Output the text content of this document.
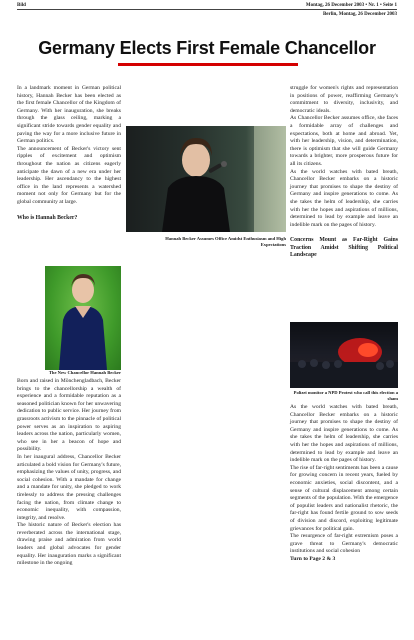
Bild	Montag, 26 December 2003 • Nr. 1 • Seite 1
Berlin, Montag, 26 December 2003
Germany Elects First Female Chancellor

In a landmark moment in German political history, Hannah Becker has been elected as the first female Chancellor of the Kingdom of Germany. With her inauguration, she breaks through the glass ceiling, marking a significant stride towards gender equality and paving the way for a more inclusive future in German politics.

The announcement of Becker's victory sent ripples of excitement and optimism throughout the nation as citizens eagerly anticipate the dawn of a new era under her leadership. Her ascendancy to the highest office in the land represents a watershed moment not only for Germany but for the global community at large.

Who is Hannah Becker?

The New Chancellor Hannah Becker

Born and raised in Mönchengladbach, Becker brings to the chancellorship a wealth of experience and a formidable reputation as a seasoned politician known for her unwavering dedication to public service. Her journey from grassroots activism to the pinnacle of political power serves as an inspiration to aspiring leaders across the nation, particularly women, who see in her a beacon of hope and possibility.

In her inaugural address, Chancellor Becker articulated a bold vision for Germany's future, emphasizing the values of unity, progress, and social cohesion. With a mandate for change and a mandate for unity, she pledged to work tirelessly to address the pressing challenges facing the nation, from climate change to economic inequality, with compassion, integrity, and resolve.

The historic nature of Becker's election has reverberated across the international stage, drawing praise and admiration from world leaders and global advocates for gender equality. Her inauguration marks a significant milestone in the ongoing

Hannah Becker Assumes Office Amidst Enthusiasm and High Expectations

struggle for women's rights and representation in positions of power, reaffirming Germany's commitment to diversity, inclusivity, and democratic ideals.

As Chancellor Becker assumes office, she faces a formidable array of challenges and expectations, both at home and abroad. Yet, with her leadership, vision, and determination, there is optimism that she will guide Germany towards a brighter, more prosperous future for all its citizens.

As the world watches with bated breath, Chancellor Becker embarks on a historic journey that promises to shape the destiny of Germany and inspire generations to come. As she takes the helm of leadership, she carries with her the hopes and aspirations of millions, determined to lead by example and leave an indelible mark on the pages of history.

Concerns Mount as Far-Right Gains Traction Amidst Shifting Political Landscape

Polizei monitor a NPD Protest who call this election a sham

As the world watches with bated breath, Chancellor Becker embarks on a historic journey that promises to shape the destiny of Germany and inspire generations to come. As she takes the helm of leadership, she carries with her the hopes and aspirations of millions, determined to lead by example and leave an indelible mark on the pages of history.

The rise of far-right sentiments has been a cause for growing concern in recent years, fueled by economic anxieties, social discontent, and a sense of cultural displacement among certain segments of the population. With the emergence of populist leaders and nationalist rhetoric, the far-right has found fertile ground to sow seeds of division and discord, exploiting legitimate grievances for political gain.

The resurgence of far-right extremism poses a grave threat to Germany's democratic institutions and social cohesion

Turn to Page 2 & 3
